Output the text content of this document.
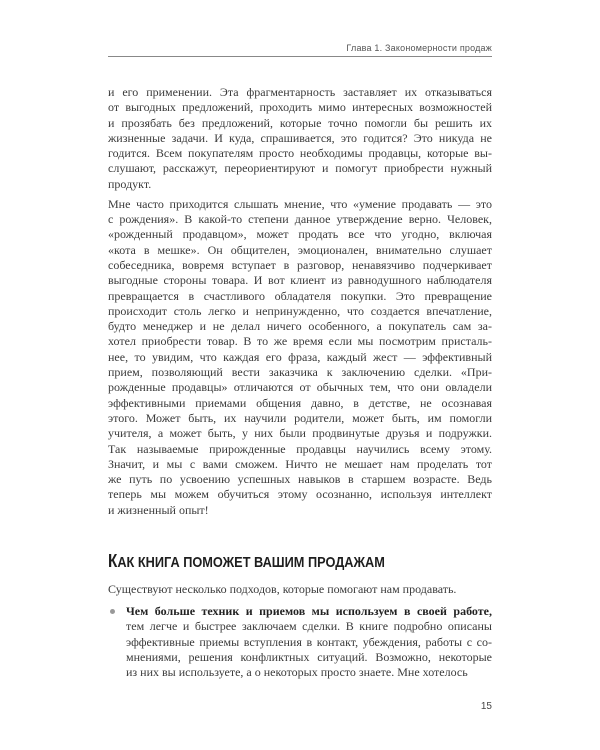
Глава 1. Закономерности продаж
и его применении. Эта фрагментарность заставляет их отказываться
от выгодных предложений, проходить мимо интересных возможностей
и прозябать без предложений, которые точно помогли бы решить их
жизненные задачи. И куда, спрашивается, это годится? Это никуда не
годится. Всем покупателям просто необходимы продавцы, которые вы-
слушают, расскажут, переориентируют и помогут приобрести нужный
продукт.
Мне часто приходится слышать мнение, что «умение продавать — это
с рождения». В какой-то степени данное утверждение верно. Человек,
«рожденный продавцом», может продать все что угодно, включая
«кота в мешке». Он общителен, эмоционален, внимательно слушает
собеседника, вовремя вступает в разговор, ненавязчиво подчеркивает
выгодные стороны товара. И вот клиент из равнодушного наблюдателя
превращается в счастливого обладателя покупки. Это превращение
происходит столь легко и непринужденно, что создается впечатление,
будто менеджер и не делал ничего особенного, а покупатель сам за-
хотел приобрести товар. В то же время если мы посмотрим присталь-
нее, то увидим, что каждая его фраза, каждый жест — эффективный
прием, позволяющий вести заказчика к заключению сделки. «При-
рожденные продавцы» отличаются от обычных тем, что они овладели
эффективными приемами общения давно, в детстве, не осознавая
этого. Может быть, их научили родители, может быть, им помогли
учителя, а может быть, у них были продвинутые друзья и подружки.
Так называемые прирожденные продавцы научились всему этому.
Значит, и мы с вами сможем. Ничто не мешает нам проделать тот
же путь по усвоению успешных навыков в старшем возрасте. Ведь
теперь мы можем обучиться этому осознанно, используя интеллект
и жизненный опыт!
КАК КНИГА ПОМОЖЕТ ВАШИМ ПРОДАЖАМ
Существуют несколько подходов, которые помогают нам продавать.
Чем больше техник и приемов мы используем в своей работе,
тем легче и быстрее заключаем сделки. В книге подробно описаны
эффективные приемы вступления в контакт, убеждения, работы с со-
мнениями, решения конфликтных ситуаций. Возможно, некоторые
из них вы используете, а о некоторых просто знаете. Мне хотелось
15
